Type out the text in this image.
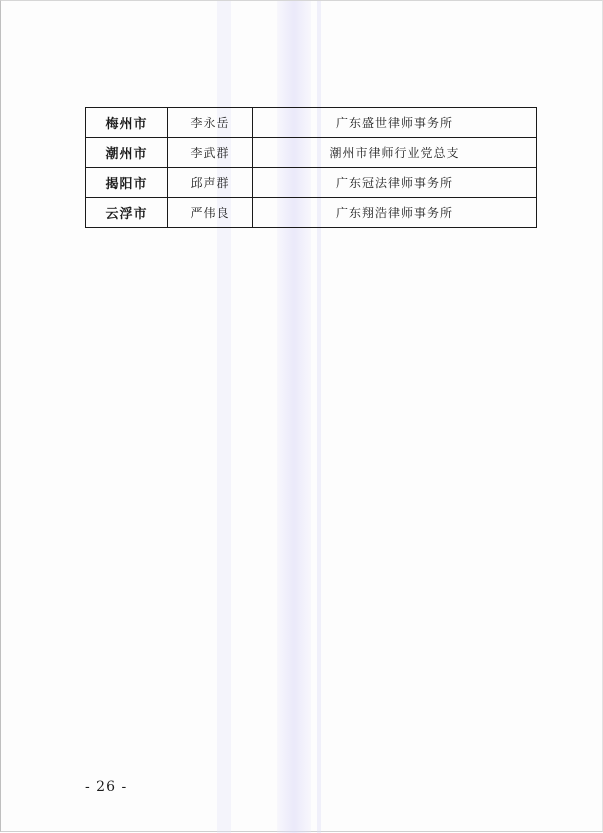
梅州市	李永岳	广东盛世律师事务所
潮州市	李武群	潮州市律师行业党总支
揭阳市	邱声群	广东冠法律师事务所
云浮市	严伟良	广东翔浩律师事务所
- 26 -
